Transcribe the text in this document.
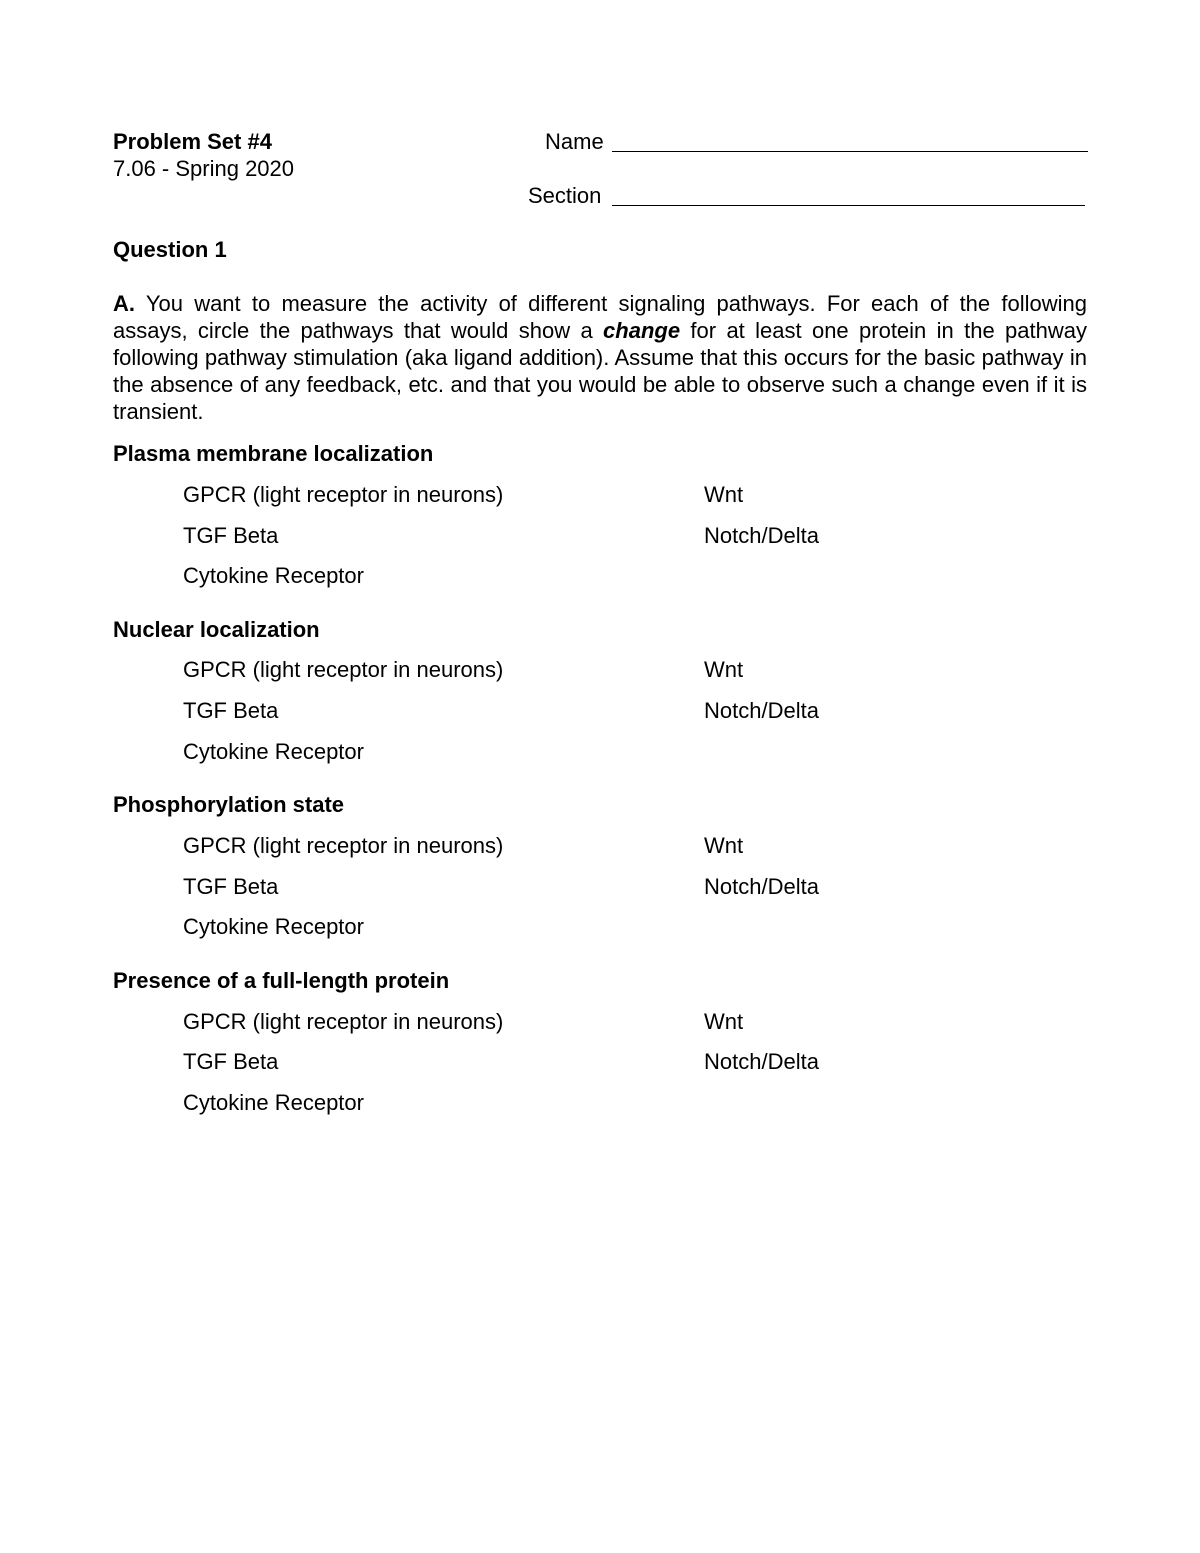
Problem Set #4
7.06 - Spring 2020
Name
Section
Question 1
A. You want to measure the activity of different signaling pathways. For each of the following assays, circle the pathways that would show a change for at least one protein in the pathway following pathway stimulation (aka ligand addition). Assume that this occurs for the basic pathway in the absence of any feedback, etc. and that you would be able to observe such a change even if it is transient.
Plasma membrane localization
GPCR (light receptor in neurons)
TGF Beta
Cytokine Receptor
Wnt
Notch/Delta
Nuclear localization
GPCR (light receptor in neurons)
TGF Beta
Cytokine Receptor
Wnt
Notch/Delta
Phosphorylation state
GPCR (light receptor in neurons)
TGF Beta
Cytokine Receptor
Wnt
Notch/Delta
Presence of a full-length protein
GPCR (light receptor in neurons)
TGF Beta
Cytokine Receptor
Wnt
Notch/Delta
